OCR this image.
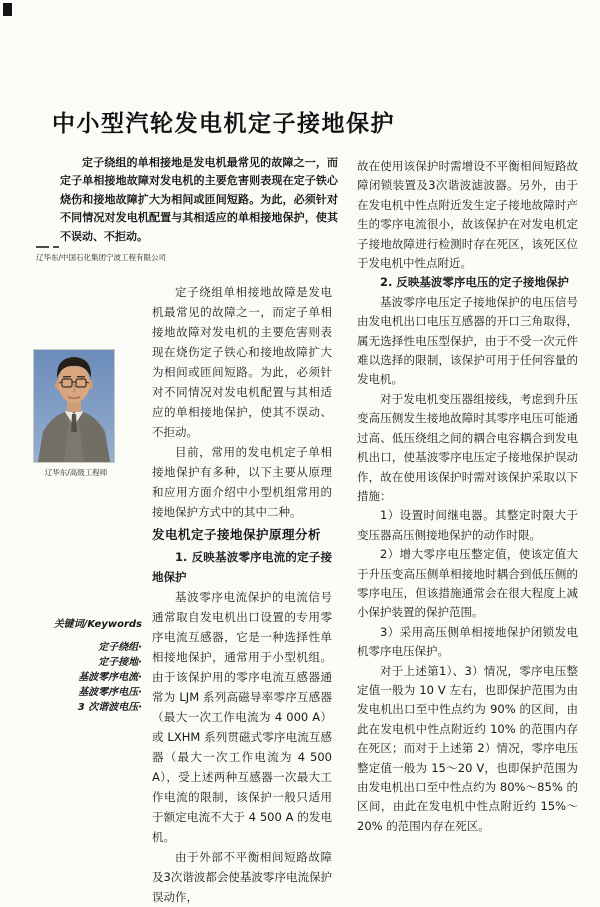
中小型汽轮发电机定子接地保护
定子绕组的单相接地是发电机最常见的故障之一，而定子单相接地故障对发电机的主要危害则表现在定子铁心烧伤和接地故障扩大为相间或匝间短路。为此，必须针对不同情况对发电机配置与其相适应的单相接地保护，使其不误动、不拒动。
辽华东/中国石化集团宁波工程有限公司
辽华东/高级工程师
关键词/Keywords
定子绕组·
定子接地·
基波零序电流·
基波零序电压·
3 次谐波电压·

定子绕组单相接地故障是发电机最常见的故障之一，而定子单相接地故障对发电机的主要危害则表现在烧伤定子铁心和接地故障扩大为相间或匝间短路。为此，必须针对不同情况对发电机配置与其相适应的单相接地保护，使其不误动、不拒动。

目前，常用的发电机定子单相接地保护有多种，以下主要从原理和应用方面介绍中小型机组常用的接地保护方式中的其中二种。

发电机定子接地保护原理分析

1. 反映基波零序电流的定子接地保护

基波零序电流保护的电流信号通常取自发电机出口设置的专用零序电流互感器，它是一种选择性单相接地保护，通常用于小型机组。由于该保护用的零序电流互感器通常为 LJM 系列高磁导率零序互感器（最大一次工作电流为 4 000 A）或 LXHM 系列贯磁式零序电流互感器（最大一次工作电流为 4 500 A），受上述两种互感器一次最大工作电流的限制，该保护一般只适用于额定电流不大于 4 500 A 的发电机。

由于外部不平衡相间短路故障及3次谐波都会使基波零序电流保护误动作，

故在使用该保护时需增设不平衡相间短路故障闭锁装置及3次谐波滤波器。另外，由于在发电机中性点附近发生定子接地故障时产生的零序电流很小，故该保护在对发电机定子接地故障进行检测时存在死区，该死区位于发电机中性点附近。

2. 反映基波零序电压的定子接地保护

基波零序电压定子接地保护的电压信号由发电机出口电压互感器的开口三角取得，属无选择性电压型保护，由于不受一次元件难以选择的限制，该保护可用于任何容量的发电机。

对于发电机变压器组接线，考虑到升压变高压侧发生接地故障时其零序电压可能通过高、低压绕组之间的耦合电容耦合到发电机出口，使基波零序电压定子接地保护误动作，故在使用该保护时需对该保护采取以下措施：

1）设置时间继电器。其整定时限大于变压器高压侧接地保护的动作时限。

2）增大零序电压整定值，使该定值大于升压变高压侧单相接地时耦合到低压侧的零序电压，但该措施通常会在很大程度上减小保护装置的保护范围。

3）采用高压侧单相接地保护闭锁发电机零序电压保护。

对于上述第1）、3）情况，零序电压整定值一般为 10 V 左右，也即保护范围为由发电机出口至中性点约为 90% 的区间，由此在发电机中性点附近约 10% 的范围内存在死区；而对于上述第 2）情况，零序电压整定值一般为 15～20 V，也即保护范围为由发电机出口至中性点约为 80%～85% 的区间，由此在发电机中性点附近约 15%～20% 的范围内存在死区。
